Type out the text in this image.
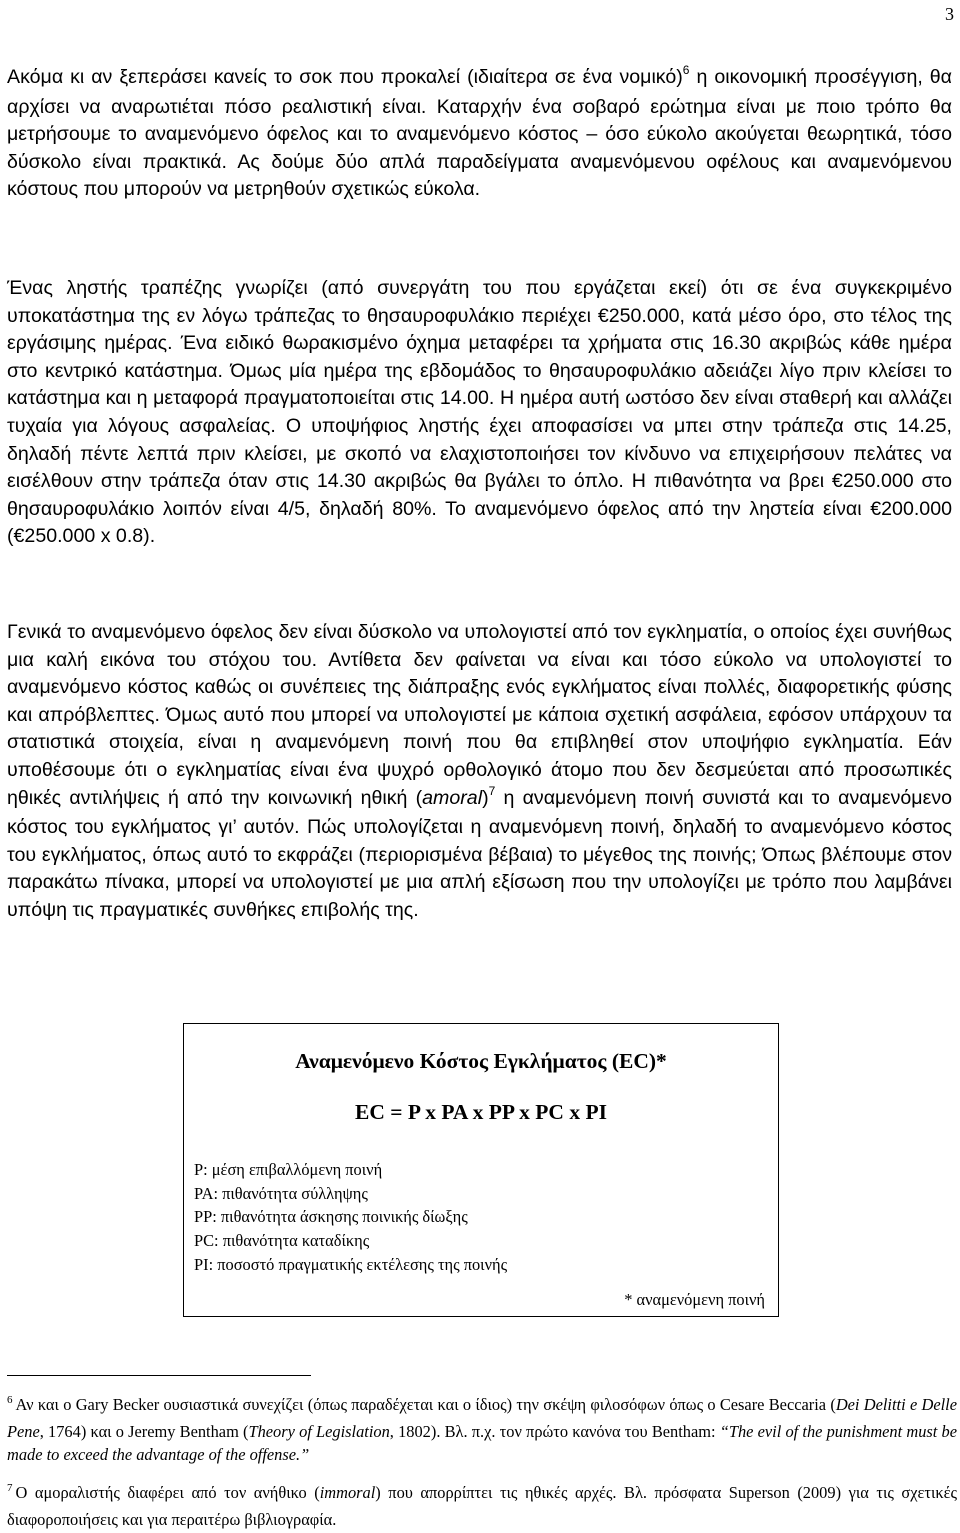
3

Ακόμα κι αν ξεπεράσει κανείς το σοκ που προκαλεί (ιδιαίτερα σε ένα νομικό)$^6$ η οικονομική προσέγγιση, θα αρχίσει να αναρωτιέται πόσο ρεαλιστική είναι. Καταρχήν ένα σοβαρό ερώτημα είναι με ποιο τρόπο θα μετρήσουμε το αναμενόμενο όφελος και το αναμενόμενο κόστος – όσο εύκολο ακούγεται θεωρητικά, τόσο δύσκολο είναι πρακτικά. Ας δούμε δύο απλά παραδείγματα αναμενόμενου οφέλους και αναμενόμενου κόστους που μπορούν να μετρηθούν σχετικώς εύκολα.

Ένας ληστής τραπέζης γνωρίζει (από συνεργάτη του που εργάζεται εκεί) ότι σε ένα συγκεκριμένο υποκατάστημα της εν λόγω τράπεζας το θησαυροφυλάκιο περιέχει €250.000, κατά μέσο όρο, στο τέλος της εργάσιμης ημέρας. Ένα ειδικό θωρακισμένο όχημα μεταφέρει τα χρήματα στις 16.30 ακριβώς κάθε ημέρα στο κεντρικό κατάστημα. Όμως μία ημέρα της εβδομάδος το θησαυροφυλάκιο αδειάζει λίγο πριν κλείσει το κατάστημα και η μεταφορά πραγματοποιείται στις 14.00. Η ημέρα αυτή ωστόσο δεν είναι σταθερή και αλλάζει τυχαία για λόγους ασφαλείας. Ο υποψήφιος ληστής έχει αποφασίσει να μπει στην τράπεζα στις 14.25, δηλαδή πέντε λεπτά πριν κλείσει, με σκοπό να ελαχιστοποιήσει τον κίνδυνο να επιχειρήσουν πελάτες να εισέλθουν στην τράπεζα όταν στις 14.30 ακριβώς θα βγάλει το όπλο. Η πιθανότητα να βρει €250.000 στο θησαυροφυλάκιο λοιπόν είναι 4/5, δηλαδή 80%. Το αναμενόμενο όφελος από την ληστεία είναι €200.000 (€250.000 x 0.8).

Γενικά το αναμενόμενο όφελος δεν είναι δύσκολο να υπολογιστεί από τον εγκληματία, ο οποίος έχει συνήθως μια καλή εικόνα του στόχου του. Αντίθετα δεν φαίνεται να είναι και τόσο εύκολο να υπολογιστεί το αναμενόμενο κόστος καθώς οι συνέπειες της διάπραξης ενός εγκλήματος είναι πολλές, διαφορετικής φύσης και απρόβλεπτες. Όμως αυτό που μπορεί να υπολογιστεί με κάποια σχετική ασφάλεια, εφόσον υπάρχουν τα στατιστικά στοιχεία, είναι η αναμενόμενη ποινή που θα επιβληθεί στον υποψήφιο εγκληματία. Εάν υποθέσουμε ότι ο εγκληματίας είναι ένα ψυχρό ορθολογικό άτομο που δεν δεσμεύεται από προσωπικές ηθικές αντιλήψεις ή από την κοινωνική ηθική (amoral)$^7$ η αναμενόμενη ποινή συνιστά και το αναμενόμενο κόστος του εγκλήματος γι’ αυτόν. Πώς υπολογίζεται η αναμενόμενη ποινή, δηλαδή το αναμενόμενο κόστος του εγκλήματος, όπως αυτό το εκφράζει (περιορισμένα βέβαια) το μέγεθος της ποινής; Όπως βλέπουμε στον παρακάτω πίνακα, μπορεί να υπολογιστεί με μια απλή εξίσωση που την υπολογίζει με τρόπο που λαμβάνει υπόψη τις πραγματικές συνθήκες επιβολής της.

Αναμενόμενο Κόστος Εγκλήματος (EC)*
EC = P x PA x PP x PC x PI
P: μέση επιβαλλόμενη ποινή
PA: πιθανότητα σύλληψης
PP: πιθανότητα άσκησης ποινικής δίωξης
PC: πιθανότητα καταδίκης
PI: ποσοστό πραγματικής εκτέλεσης της ποινής
* αναμενόμενη ποινή

$^6$ Αν και ο Gary Becker ουσιαστικά συνεχίζει (όπως παραδέχεται και ο ίδιος) την σκέψη φιλοσόφων όπως ο Cesare Beccaria (Dei Delitti e Delle Pene, 1764) και ο Jeremy Bentham (Theory of Legislation, 1802). Βλ. π.χ. τον πρώτο κανόνα του Bentham: “The evil of the punishment must be made to exceed the advantage of the offense.”

$^7$ Ο αμοραλιστής διαφέρει από τον ανήθικο (immoral) που απορρίπτει τις ηθικές αρχές. Βλ. πρόσφατα Superson (2009) για τις σχετικές διαφοροποιήσεις και για περαιτέρω βιβλιογραφία.
